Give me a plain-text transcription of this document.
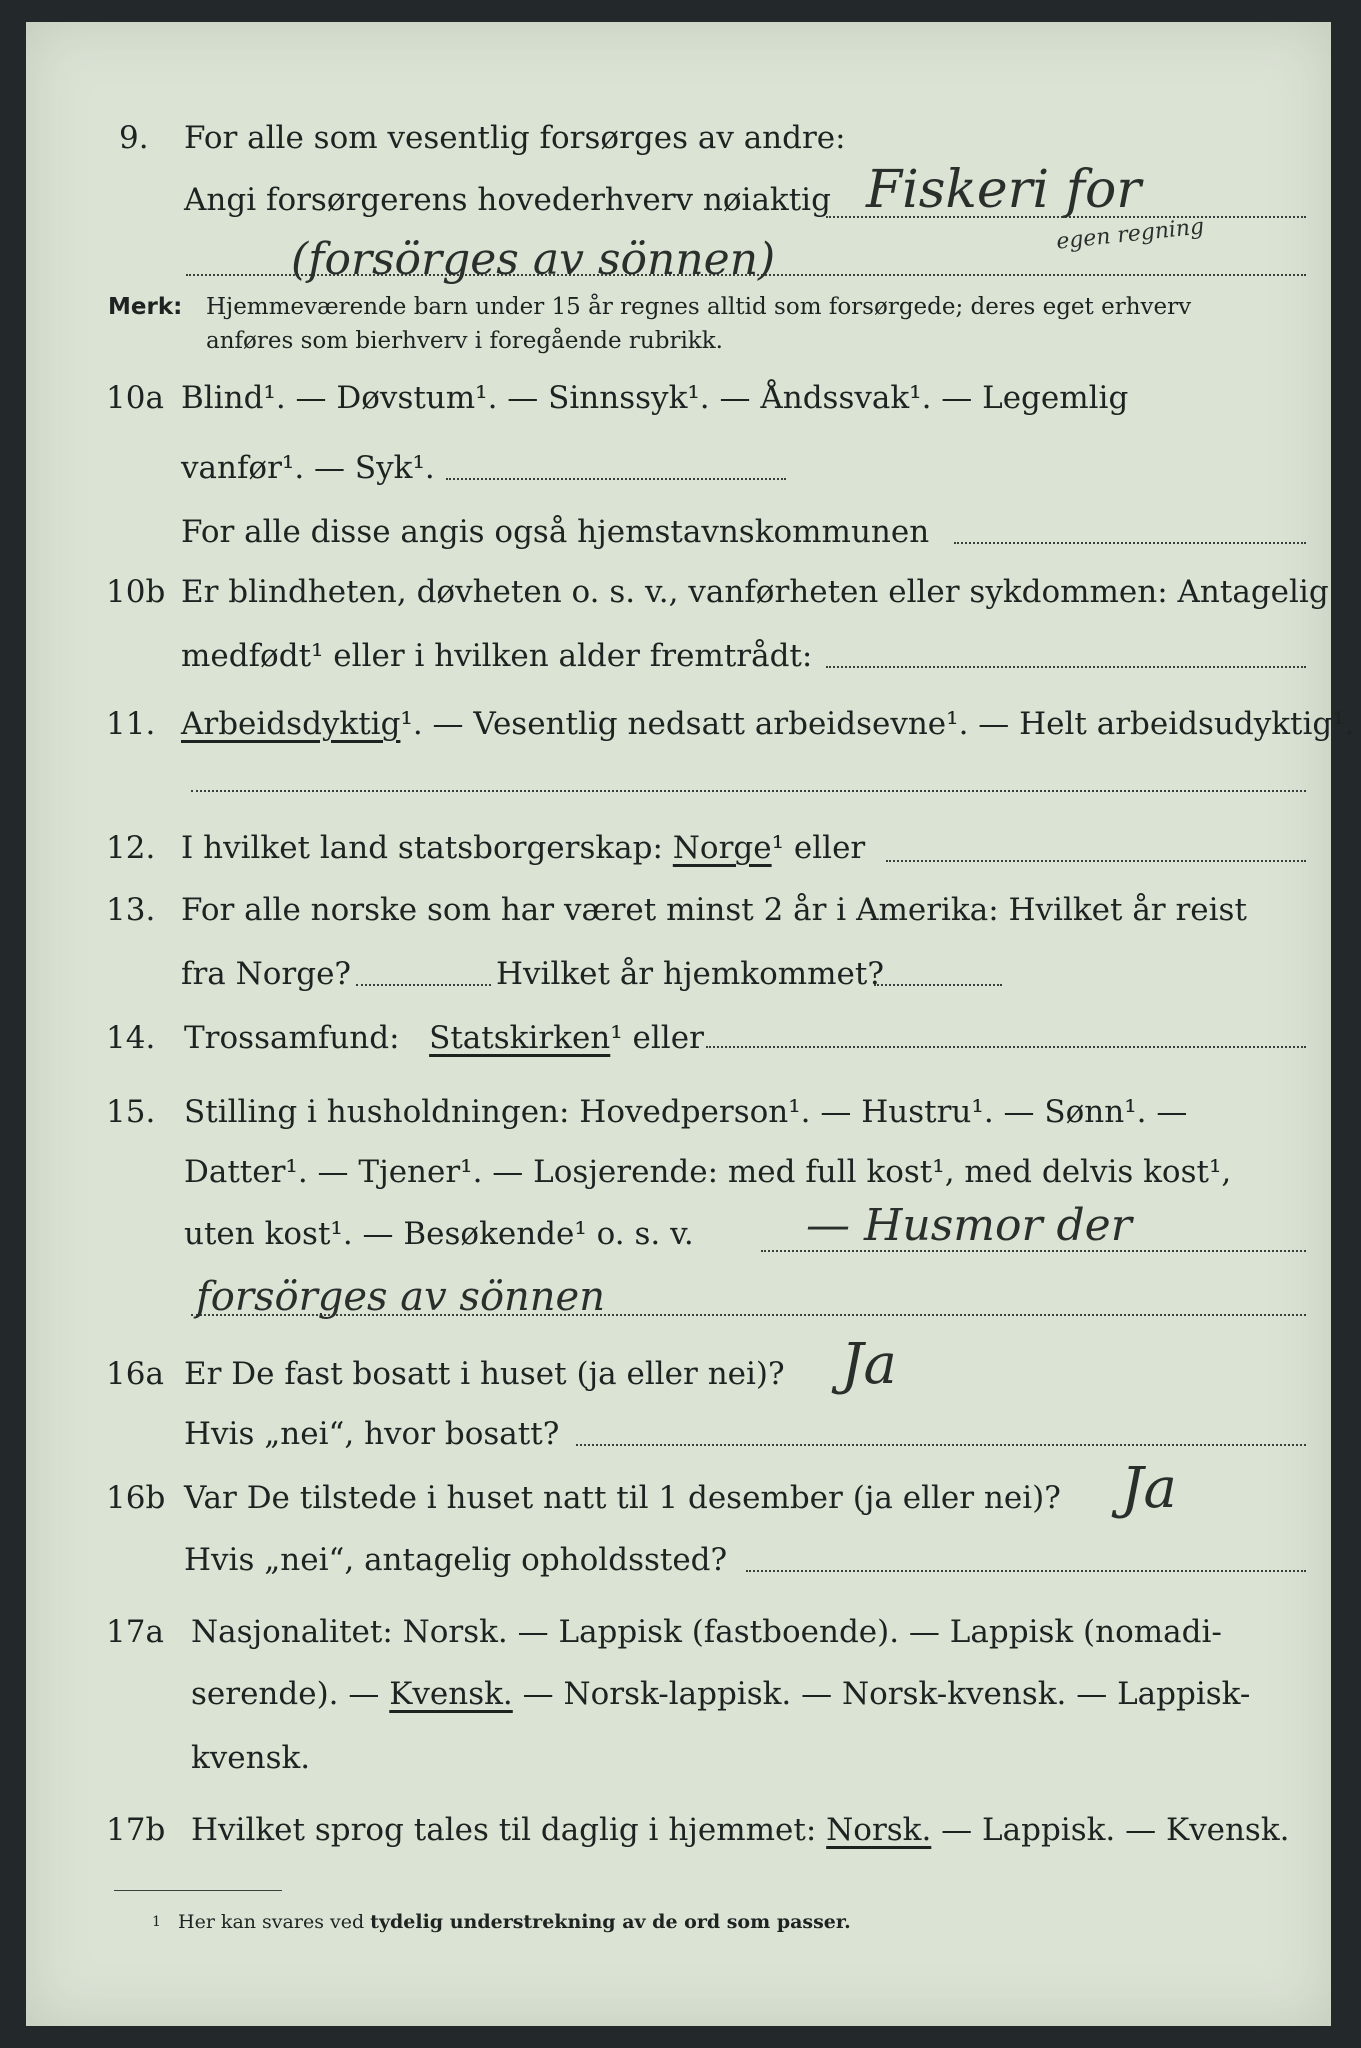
9. For alle som vesentlig forsørges av andre:
Angi forsørgerens hovederhverv nøiaktig Fiskeri for
egen regning
(forsörges av sönnen)
Merk: Hjemmeværende barn under 15 år regnes alltid som forsørgede; deres eget erhverv
anføres som bierhverv i foregående rubrikk.
10a Blind¹. — Døvstum¹. — Sinnssyk¹. — Åndssvak¹. — Legemlig
vanfør¹. — Syk¹.
For alle disse angis også hjemstavnskommunen
10b Er blindheten, døvheten o. s. v., vanførheten eller sykdommen: Antagelig
medfødt¹ eller i hvilken alder fremtrådt:
11. Arbeidsdyktig¹. — Vesentlig nedsatt arbeidsevne¹. — Helt arbeidsudyktig¹.
12. I hvilket land statsborgerskap: Norge¹ eller
13. For alle norske som har været minst 2 år i Amerika: Hvilket år reist
fra Norge?	Hvilket år hjemkommet?
14. Trossamfund: Statskirken¹ eller
15. Stilling i husholdningen: Hovedperson¹. — Hustru¹. — Sønn¹. —
Datter¹. — Tjener¹. — Losjerende: med full kost¹, med delvis kost¹,
uten kost¹. — Besøkende¹ o. s. v.	— Husmor der
forsörges av sönnen
16a Er De fast bosatt i huset (ja eller nei)? Ja
Hvis „nei“, hvor bosatt?
16b Var De tilstede i huset natt til 1 desember (ja eller nei)? Ja
Hvis „nei“, antagelig opholdssted?
17a Nasjonalitet: Norsk. — Lappisk (fastboende). — Lappisk (nomadi-
serende). — Kvensk. — Norsk-lappisk. — Norsk-kvensk. — Lappisk-
kvensk.
17b Hvilket sprog tales til daglig i hjemmet: Norsk. — Lappisk. — Kvensk.
1 Her kan svares ved tydelig understrekning av de ord som passer.
